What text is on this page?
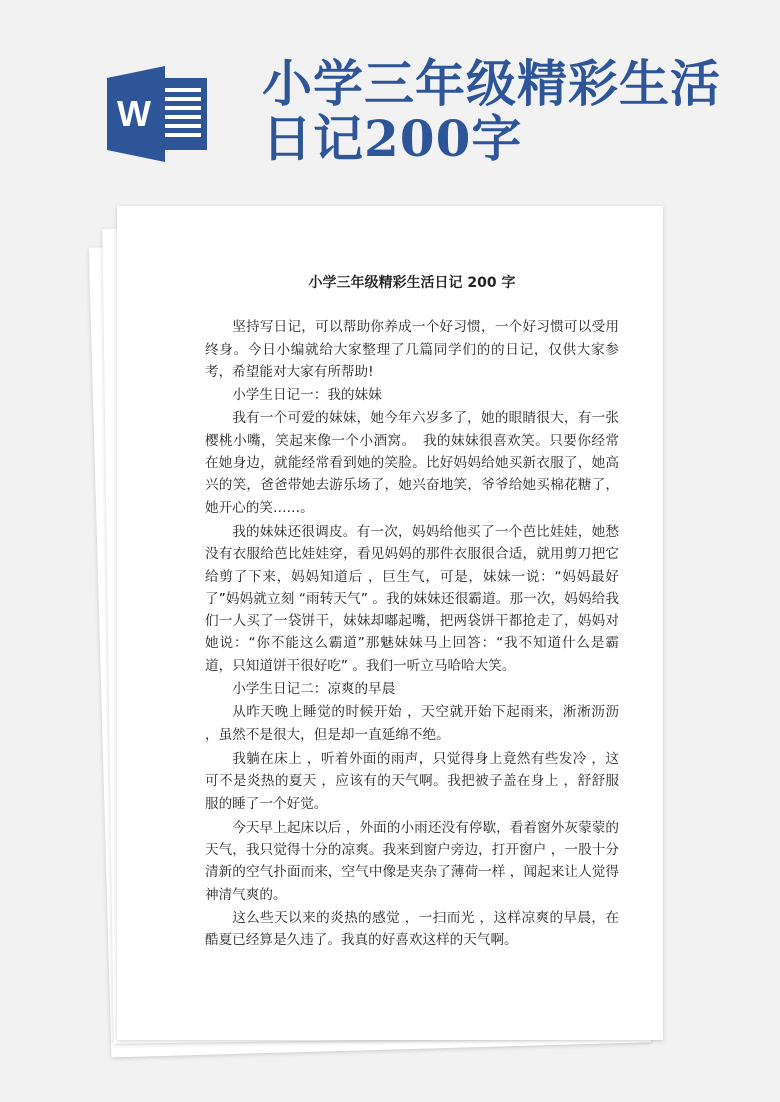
W
小学三年级精彩生活日记200字
小学三年级精彩生活日记 200 字

坚持写日记，可以帮助你养成一个好习惯，一个好习惯可以受用终身。今日小编就给大家整理了几篇同学们的的日记，仅供大家参考，希望能对大家有所帮助!

小学生日记一：我的妹妹

我有一个可爱的妹妹，她今年六岁多了，她的眼睛很大，有一张樱桃小嘴，笑起来像一个小酒窝。　我的妹妹很喜欢笑。只要你经常在她身边，就能经常看到她的笑脸。比好妈妈给她买新衣服了，她高兴的笑，爸爸带她去游乐场了，她兴奋地笑，爷爷给她买棉花糖了，她开心的笑……。

我的妹妹还很调皮。有一次，妈妈给他买了一个芭比娃娃，她愁没有衣服给芭比娃娃穿，看见妈妈的那件衣服很合适，就用剪刀把它给剪了下来，妈妈知道后 ，巨生气，可是，妹妹一说：“妈妈最好了”妈妈就立刻 “雨转天气” 。我的妹妹还很霸道。那一次，妈妈给我们一人买了一袋饼干，妹妹却嘟起嘴，把两袋饼干都抢走了，妈妈对她说：“你不能这么霸道”那魅妹妹马上回答：“我不知道什么是霸道，只知道饼干很好吃” 。我们一听立马哈哈大笑。

小学生日记二：凉爽的早晨

从昨天晚上睡觉的时候开始 ，天空就开始下起雨来，淅淅沥沥 ，虽然不是很大，但是却一直延绵不绝。

我躺在床上 ，听着外面的雨声，只觉得身上竟然有些发冷 ，这可不是炎热的夏天 ，应该有的天气啊。我把被子盖在身上 ，舒舒服服的睡了一个好觉。

今天早上起床以后 ，外面的小雨还没有停歇，看着窗外灰蒙蒙的天气，我只觉得十分的凉爽。我来到窗户旁边，打开窗户 ，一股十分清新的空气扑面而来，空气中像是夹杂了薄荷一样 ，闻起来让人觉得神清气爽的。

这么些天以来的炎热的感觉 ，一扫而光 ，这样凉爽的早晨，在酷夏已经算是久违了。我真的好喜欢这样的天气啊。
